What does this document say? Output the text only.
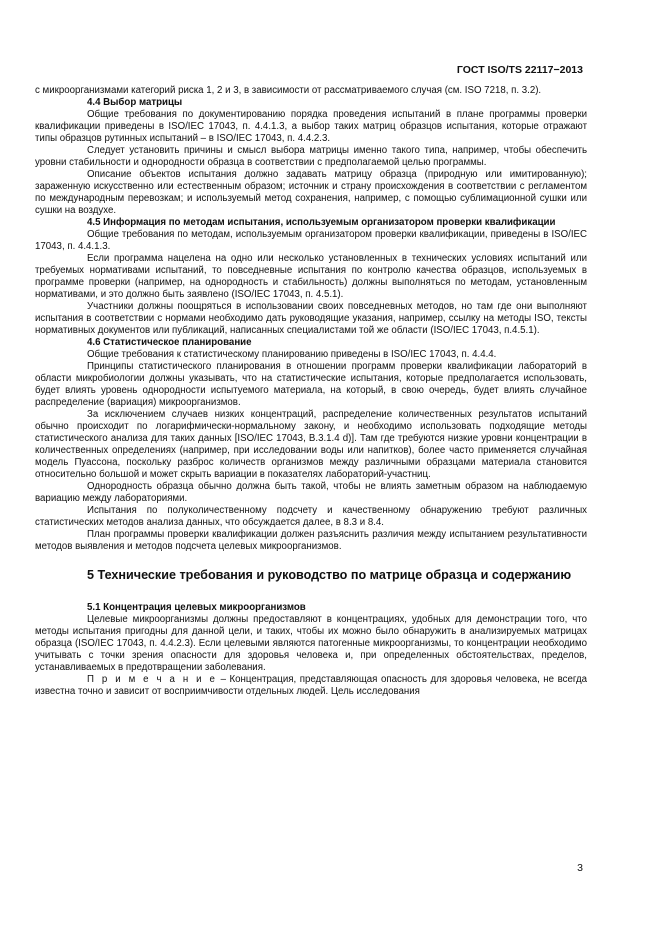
ГОСТ ISO/TS 22117−2013

с микроорганизмами категорий риска 1, 2 и 3, в зависимости от рассматриваемого случая (см. ISO 7218, п. 3.2).

4.4 Выбор матрицы

Общие требования по документированию порядка проведения испытаний в плане программы проверки квалификации приведены в ISO/IEC 17043, п. 4.4.1.3, а выбор таких матриц образцов испытания, которые отражают типы образцов рутинных испытаний – в ISO/IEC 17043, п. 4.4.2.3.

Следует установить причины и смысл выбора матрицы именно такого типа, например, чтобы обеспечить уровни стабильности и однородности образца в соответствии с предполагаемой целью программы.

Описание объектов испытания должно задавать матрицу образца (природную или имитированную); зараженную искусственно или естественным образом; источник и страну происхождения в соответствии с регламентом по международным перевозкам; и используемый метод сохранения, например, с помощью сублимационной сушки или сушки на воздухе.

4.5 Информация по методам испытания, используемым организатором проверки квалификации

Общие требования по методам, используемым организатором проверки квалификации, приведены в ISO/IEC 17043, п. 4.4.1.3.

Если программа нацелена на одно или несколько установленных в технических условиях испытаний или требуемых нормативами испытаний, то повседневные испытания по контролю качества образцов, используемых в программе проверки (например, на однородность и стабильность) должны выполняться по методам, установленным нормативами, и это должно быть заявлено (ISO/IEC 17043, п. 4.5.1).

Участники должны поощряться в использовании своих повседневных методов, но там где они выполняют испытания в соответствии с нормами необходимо дать руководящие указания, например, ссылку на методы ISO, тексты нормативных документов или публикаций, написанных специалистами той же области (ISO/IEC 17043, п.4.5.1).

4.6 Статистическое планирование

Общие требования к статистическому планированию приведены в ISO/IEC 17043, п. 4.4.4.

Принципы статистического планирования в отношении программ проверки квалификации лабораторий в области микробиологии должны указывать, что на статистические испытания, которые предполагается использовать, будет влиять уровень однородности испытуемого материала, на который, в свою очередь, будет влиять случайное распределение (вариация) микроорганизмов.

За исключением случаев низких концентраций, распределение количественных результатов испытаний обычно происходит по логарифмически-нормальному закону, и необходимо использовать подходящие методы статистического анализа для таких данных [ISO/IEC 17043, B.3.1.4 d)]. Там где требуются низкие уровни концентрации в количественных определениях (например, при исследовании воды или напитков), более часто применяется случайная модель Пуассона, поскольку разброс количеств организмов между различными образцами материала становится относительно большой и может скрыть вариации в показателях лабораторий-участниц.

Однородность образца обычно должна быть такой, чтобы не влиять заметным образом на наблюдаемую вариацию между лабораториями.

Испытания по полуколичественному подсчету и качественному обнаружению требуют различных статистических методов анализа данных, что обсуждается далее, в 8.3 и 8.4.

План программы проверки квалификации должен разъяснить различия между испытанием результативности методов выявления и методов подсчета целевых микроорганизмов.

5 Технические требования и руководство по матрице образца и содержанию

5.1 Концентрация целевых микроорганизмов

Целевые микроорганизмы должны предоставляют в концентрациях, удобных для демонстрации того, что методы испытания пригодны для данной цели, и таких, чтобы их можно было обнаружить в анализируемых матрицах образца (ISO/IEC 17043, п. 4.4.2.3). Если целевыми являются патогенные микроорганизмы, то концентрации необходимо учитывать с точки зрения опасности для здоровья человека и, при определенных обстоятельствах, пределов, устанавливаемых в предотвращении заболевания.

П р и м е ч а н и е – Концентрация, представляющая опасность для здоровья человека, не всегда известна точно и зависит от восприимчивости отдельных людей. Цель исследования

3
